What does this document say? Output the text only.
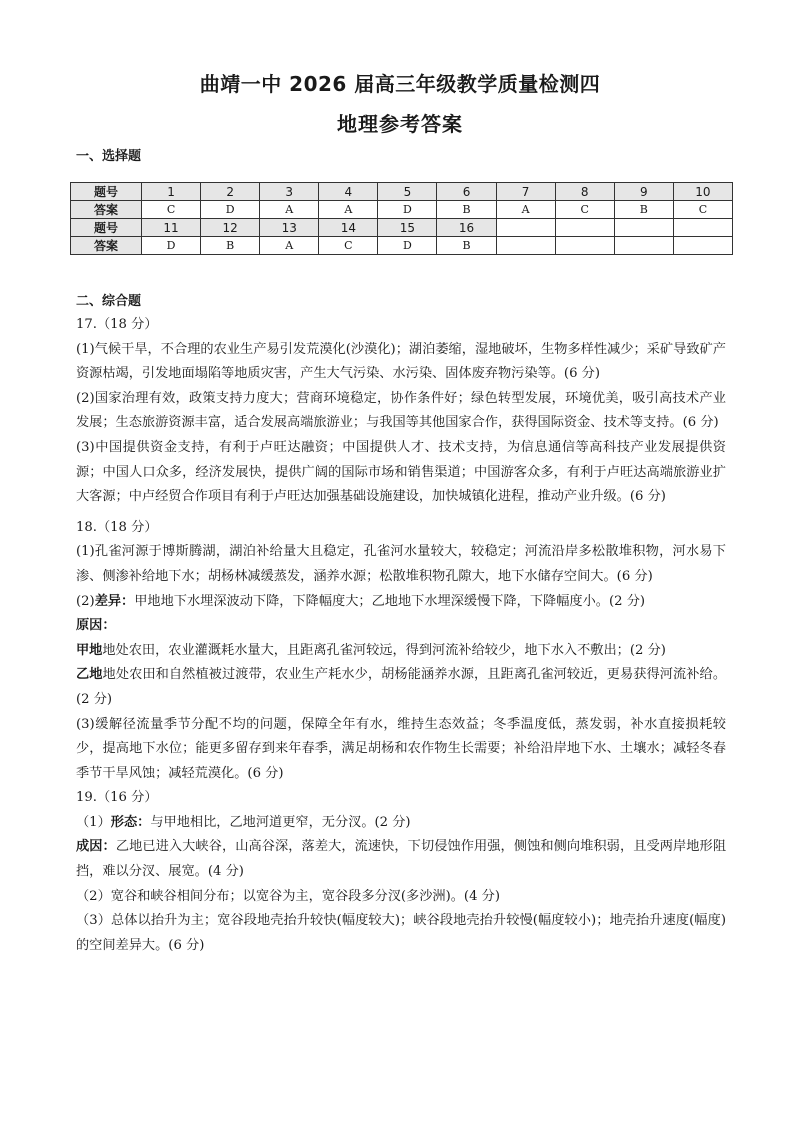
曲靖一中 2026 届高三年级教学质量检测四
地理参考答案
一、选择题
题号	1	2	3	4	5	6	7	8	9	10
答案	C	D	A	A	D	B	A	C	B	C
题号	11	12	13	14	15	16				
答案	D	B	A	C	D	B				
二、综合题

17.（18 分）

(1)气候干旱，不合理的农业生产易引发荒漠化(沙漠化)；湖泊萎缩，湿地破坏，生物多样性减少；采矿导致矿产资源枯竭，引发地面塌陷等地质灾害，产生大气污染、水污染、固体废弃物污染等。(6 分)

(2)国家治理有效，政策支持力度大；营商环境稳定，协作条件好；绿色转型发展，环境优美，吸引高技术产业发展；生态旅游资源丰富，适合发展高端旅游业；与我国等其他国家合作，获得国际资金、技术等支持。(6 分)

(3)中国提供资金支持，有利于卢旺达融资；中国提供人才、技术支持，为信息通信等高科技产业发展提供资源；中国人口众多，经济发展快，提供广阔的国际市场和销售渠道；中国游客众多，有利于卢旺达高端旅游业扩大客源；中卢经贸合作项目有利于卢旺达加强基础设施建设，加快城镇化进程，推动产业升级。(6 分)

18.（18 分）

(1)孔雀河源于博斯腾湖，湖泊补给量大且稳定，孔雀河水量较大，较稳定；河流沿岸多松散堆积物，河水易下渗、侧渗补给地下水；胡杨林减缓蒸发，涵养水源；松散堆积物孔隙大，地下水储存空间大。(6 分)

(2)差异：甲地地下水埋深波动下降，下降幅度大；乙地地下水埋深缓慢下降，下降幅度小。(2 分)

原因：

甲地地处农田，农业灌溉耗水量大，且距离孔雀河较远，得到河流补给较少，地下水入不敷出；(2 分)

乙地地处农田和自然植被过渡带，农业生产耗水少，胡杨能涵养水源，且距离孔雀河较近，更易获得河流补给。(2 分)

(3)缓解径流量季节分配不均的问题，保障全年有水，维持生态效益；冬季温度低，蒸发弱，补水直接损耗较少，提高地下水位；能更多留存到来年春季，满足胡杨和农作物生长需要；补给沿岸地下水、土壤水；减轻冬春季节干旱风蚀；减轻荒漠化。(6 分)

19.（16 分）

（1）形态：与甲地相比，乙地河道更窄，无分汊。(2 分)

成因：乙地已进入大峡谷，山高谷深，落差大，流速快，下切侵蚀作用强，侧蚀和侧向堆积弱，且受两岸地形阻挡，难以分汊、展宽。(4 分)

（2）宽谷和峡谷相间分布；以宽谷为主，宽谷段多分汊(多沙洲)。(4 分)

（3）总体以抬升为主；宽谷段地壳抬升较快(幅度较大)；峡谷段地壳抬升较慢(幅度较小)；地壳抬升速度(幅度)的空间差异大。(6 分)
